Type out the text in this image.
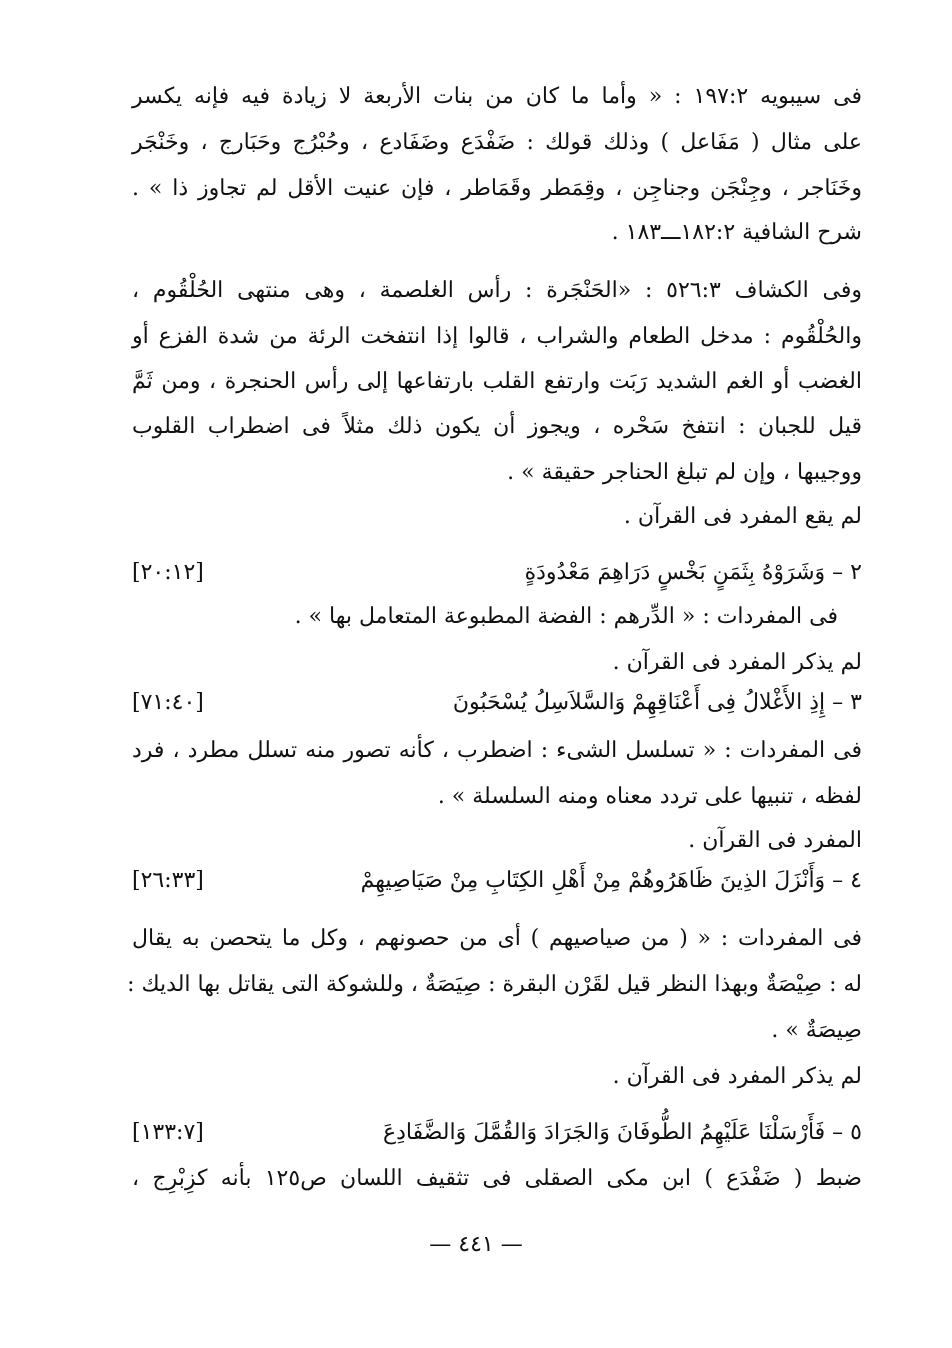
فى سيبويه ١٩٧:٢ : « وأما ما كان من بنات الأربعة لا زيادة فيه فإنه يكسر
على مثال ( مَفَاعل ) وذلك قولك : ضَفْدَع وضَفَادع ، وحُبْرُج وحَبَارج ، وخَنْجَر
وخَنَاجر ، وجِنْجَن وجناجِن ، وقِمَطر وقَمَاطر ، فإن عنيت الأقل لم تجاوز ذا » .
شرح الشافية ١٨٢:٢ـــ١٨٣ .
وفى الكشاف ٥٢٦:٣ : «الحَنْجَرة : رأس الغلصمة ، وهى منتهى الحُلْقُوم ،
والحُلْقُوم : مدخل الطعام والشراب ، قالوا إذا انتفخت الرئة من شدة الفزع أو
الغضب أو الغم الشديد رَبَت وارتفع القلب بارتفاعها إلى رأس الحنجرة ، ومن ثَمَّ
قيل للجبان : انتفخ سَحْره ، ويجوز أن يكون ذلك مثلاً فى اضطراب القلوب
ووجيبها ، وإن لم تبلغ الحناجر حقيقة » .
لم يقع المفرد فى القرآن .
٢ – وَشَرَوْهُ بِثَمَنٍ بَخْسٍ دَرَاهِمَ مَعْدُودَةٍ
[٢٠:١٢]
فى المفردات : « الدِّرهم : الفضة المطبوعة المتعامل بها » .
لم يذكر المفرد فى القرآن .
٣ – إِذِ الأَغْلالُ فِى أَعْنَاقِهِمْ وَالسَّلاَسِلُ يُسْحَبُونَ
[٧١:٤٠]
فى المفردات : « تسلسل الشىء : اضطرب ، كأنه تصور منه تسلل مطرد ، فرد
لفظه ، تنبيها على تردد معناه ومنه السلسلة » .
المفرد فى القرآن .
٤ – وَأَنْزَلَ الذِينَ ظَاهَرُوهُمْ مِنْ أَهْلِ الكِتَابِ مِنْ صَيَاصِيهِمْ
[٢٦:٣٣]
فى المفردات : « ( من صياصيهم ) أى من حصونهم ، وكل ما يتحصن به يقال
له : صِيْصَةٌ وبهذا النظر قيل لقَرْن البقرة : صِيَصَةٌ ، وللشوكة التى يقاتل بها الديك :
صِيصَةٌ » .
لم يذكر المفرد فى القرآن .
٥ – فَأَرْسَلْنَا عَلَيْهِمُ الطُّوفَانَ وَالجَرَادَ وَالقُمَّلَ وَالضَّفَادِعَ
[١٣٣:٧]
ضبط ( ضَفْدَع ) ابن مكى الصقلى فى تثقيف اللسان ص١٢٥ بأنه كزِبْرِج ،
— ٤٤١ —
